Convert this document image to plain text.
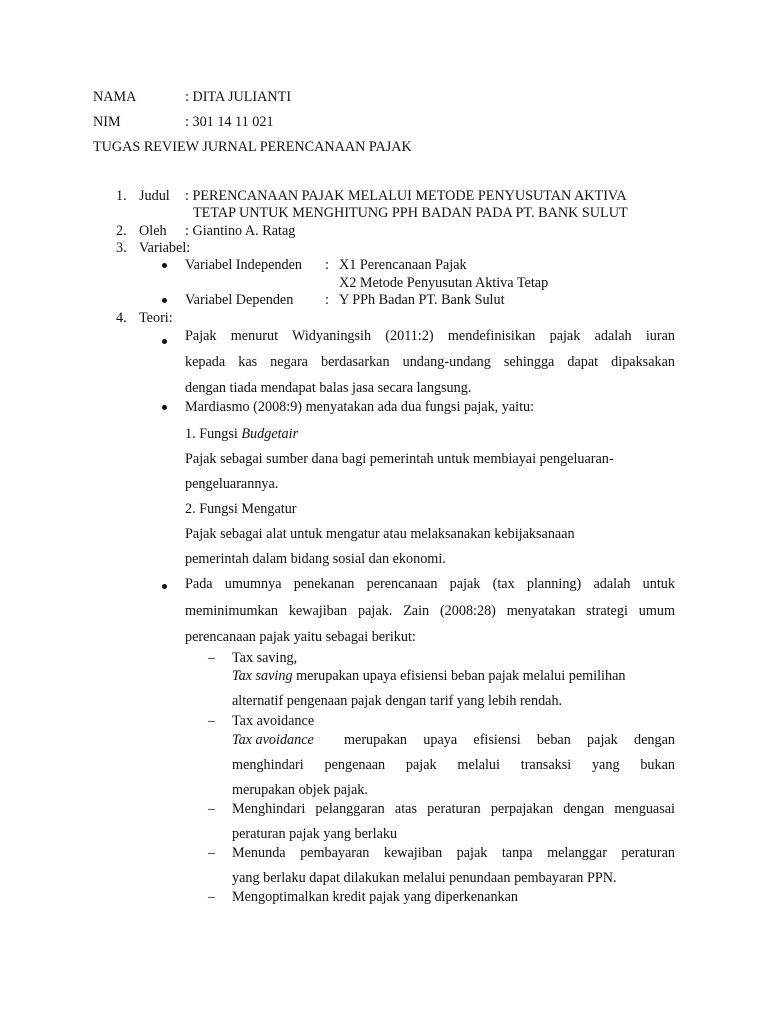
NAMA	: DITA JULIANTI
NIM	: 301 14 11 021
TUGAS REVIEW JURNAL PERENCANAAN PAJAK
1. Judul : PERENCANAAN PAJAK MELALUI METODE PENYUSUTAN AKTIVA
TETAP UNTUK MENGHITUNG PPH BADAN PADA PT. BANK SULUT
2. Oleh : Giantino A. Ratag
3. Variabel:
Variabel Independen : X1 Perencanaan Pajak
X2 Metode Penyusutan Aktiva Tetap
Variabel Dependen : Y PPh Badan PT. Bank Sulut
4. Teori:
Pajak menurut Widyaningsih (2011:2) mendefinisikan pajak adalah iuran
kepada kas negara berdasarkan undang-undang sehingga dapat dipaksakan
dengan tiada mendapat balas jasa secara langsung.
Mardiasmo (2008:9) menyatakan ada dua fungsi pajak, yaitu:
1. Fungsi Budgetair
Pajak sebagai sumber dana bagi pemerintah untuk membiayai pengeluaran-
pengeluarannya.
2. Fungsi Mengatur
Pajak sebagai alat untuk mengatur atau melaksanakan kebijaksanaan
pemerintah dalam bidang sosial dan ekonomi.
Pada umumnya penekanan perencanaan pajak (tax planning) adalah untuk
meminimumkan kewajiban pajak. Zain (2008:28) menyatakan strategi umum
perencanaan pajak yaitu sebagai berikut:
– Tax saving,
Tax saving merupakan upaya efisiensi beban pajak melalui pemilihan
alternatif pengenaan pajak dengan tarif yang lebih rendah.
– Tax avoidance
Tax avoidance merupakan upaya efisiensi beban pajak dengan
menghindari pengenaan pajak melalui transaksi yang bukan
merupakan objek pajak.
– Menghindari pelanggaran atas peraturan perpajakan dengan menguasai
peraturan pajak yang berlaku
– Menunda pembayaran kewajiban pajak tanpa melanggar peraturan
yang berlaku dapat dilakukan melalui penundaan pembayaran PPN.
– Mengoptimalkan kredit pajak yang diperkenankan
